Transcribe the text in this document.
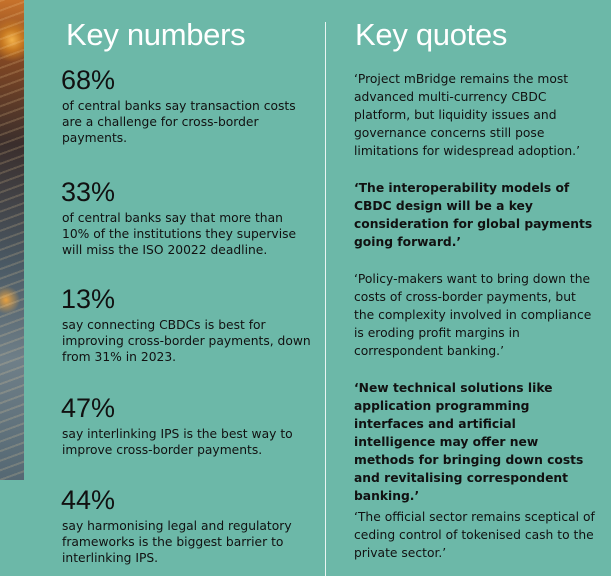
Key numbers	Key quotes
68%
of central banks say transaction costs are a challenge for cross-border payments.
33%
of central banks say that more than 10% of the institutions they supervise will miss the ISO 20022 deadline.
13%
say connecting CBDCs is best for improving cross-border payments, down from 31% in 2023.
47%
say interlinking IPS is the best way to improve cross-border payments.
44%
say harmonising legal and regulatory frameworks is the biggest barrier to interlinking IPS.
‘Project mBridge remains the most advanced multi-currency CBDC platform, but liquidity issues and governance concerns still pose limitations for widespread adoption.’
‘The interoperability models of CBDC design will be a key consideration for global payments going forward.’
‘Policy-makers want to bring down the costs of cross-border payments, but the complexity involved in compliance is eroding profit margins in correspondent banking.’
‘New technical solutions like application programming interfaces and artificial intelligence may offer new methods for bringing down costs and revitalising correspondent banking.’
‘The official sector remains sceptical of ceding control of tokenised cash to the private sector.’
